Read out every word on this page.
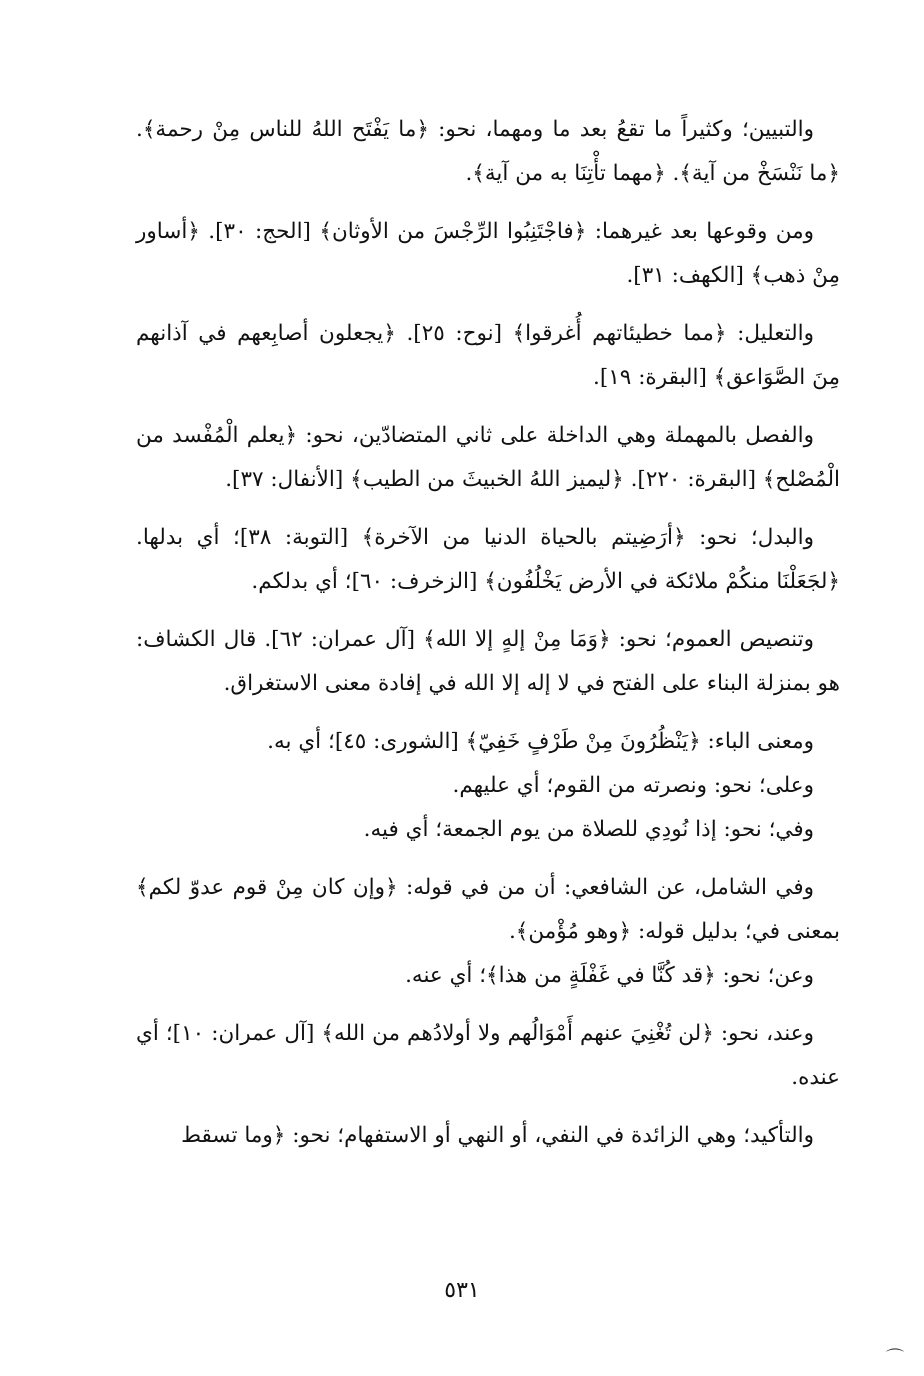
والتبيين؛ وكثيراً ما تقعُ بعد ما ومهما، نحو: ﴿ما يَفْتَح اللهُ للناس مِنْ رحمة﴾. ﴿ما نَنْسَخْ من آية﴾. ﴿مهما تأْتِنَا به من آية﴾.

ومن وقوعها بعد غيرهما: ﴿فاجْتَنِبُوا الرِّجْسَ من الأوثان﴾ [الحج: ٣٠]. ﴿أساور مِنْ ذهب﴾ [الكهف: ٣١].

والتعليل: ﴿مما خطيئاتهم أُغرقوا﴾ [نوح: ٢٥]. ﴿يجعلون أصابِعهم في آذانهم مِنَ الصَّوَاعق﴾ [البقرة: ١٩].

والفصل بالمهملة وهي الداخلة على ثاني المتضادّين، نحو: ﴿يعلم الْمُفْسد من الْمُصْلح﴾ [البقرة: ٢٢٠]. ﴿ليميز اللهُ الخبيثَ من الطيب﴾ [الأنفال: ٣٧].

والبدل؛ نحو: ﴿أرَضِيتم بالحياة الدنيا من الآخرة﴾ [التوبة: ٣٨]؛ أي بدلها. ﴿لجَعَلْنَا منكُمْ ملائكة في الأرض يَخْلُفُون﴾ [الزخرف: ٦٠]؛ أي بدلكم.

وتنصيص العموم؛ نحو: ﴿وَمَا مِنْ إلهٍ إلا الله﴾ [آل عمران: ٦٢]. قال الكشاف: هو بمنزلة البناء على الفتح في لا إله إلا الله في إفادة معنى الاستغراق.

ومعنى الباء: ﴿يَنْظُرُونَ مِنْ طَرْفٍ خَفِيّ﴾ [الشورى: ٤٥]؛ أي به.

وعلى؛ نحو: ونصرته من القوم؛ أي عليهم.

وفي؛ نحو: إذا نُودِي للصلاة من يوم الجمعة؛ أي فيه.

وفي الشامل، عن الشافعي: أن من في قوله: ﴿وإن كان مِنْ قوم عدوّ لكم﴾ بمعنى في؛ بدليل قوله: ﴿وهو مُؤْمن﴾.

وعن؛ نحو: ﴿قد كُنَّا في غَفْلَةٍ من هذا﴾؛ أي عنه.

وعند، نحو: ﴿لن تُغْنِيَ عنهم أَمْوَالُهم ولا أولادُهم من الله﴾ [آل عمران: ١٠]؛ أي عنده.

والتأكيد؛ وهي الزائدة في النفي، أو النهي أو الاستفهام؛ نحو: ﴿وما تسقط

٥٣١
⌒
